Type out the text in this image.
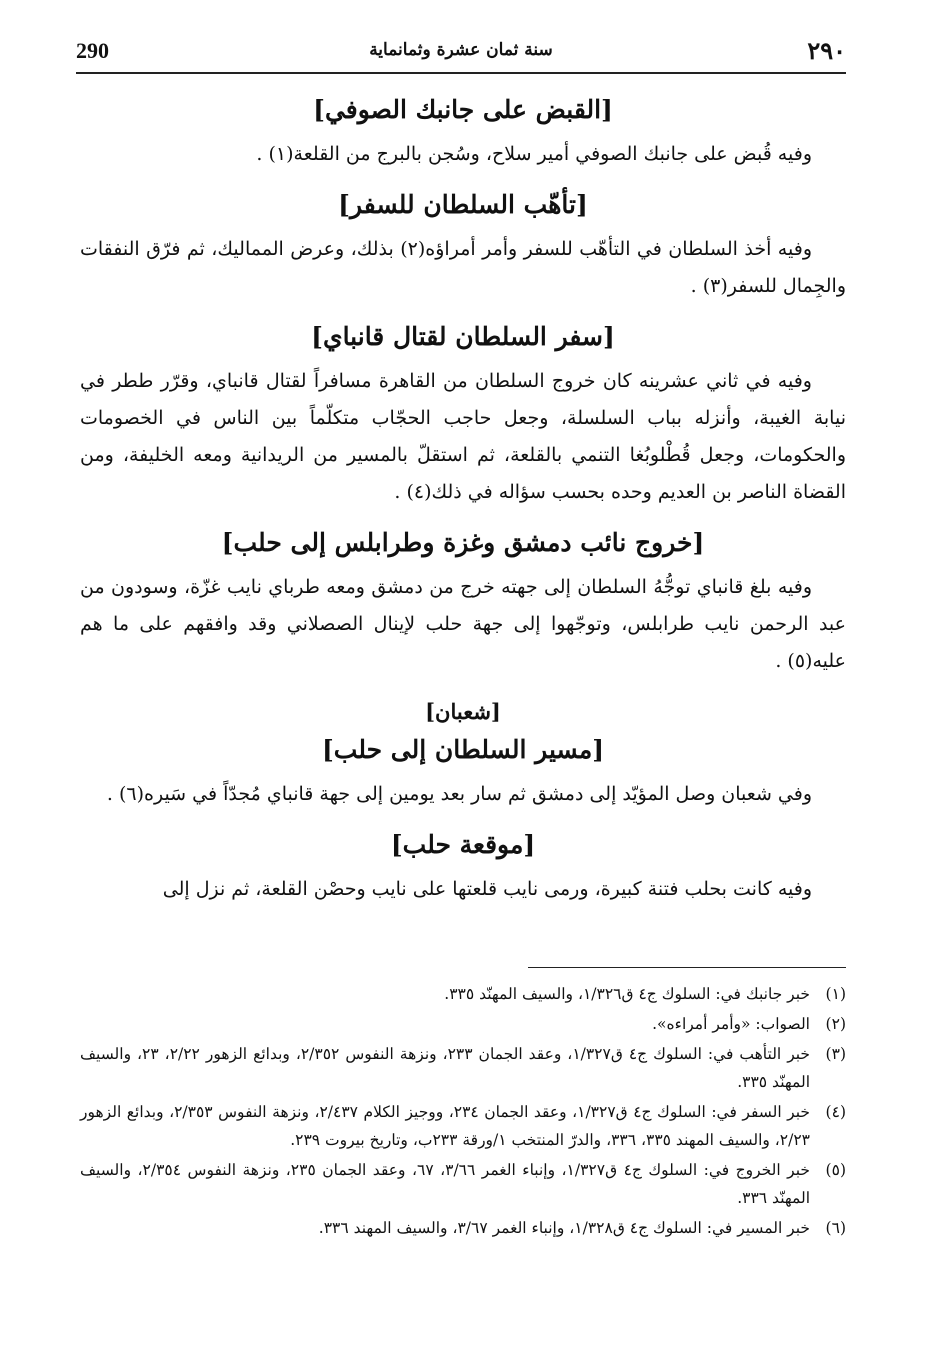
290	سنة ثمان عشرة وثمانماية	٢٩٠
[القبض على جانبك الصوفي]

وفيه قُبض على جانبك الصوفي أمير سلاح، وسُجن بالبرج من القلعة(١) .

[تأهّب السلطان للسفر]

وفيه أخذ السلطان في التأهّب للسفر وأمر أمراؤه(٢) بذلك، وعرض المماليك، ثم فرّق النفقات والجِمال للسفر(٣) .

[سفر السلطان لقتال قانباي]

وفيه في ثاني عشرينه كان خروج السلطان من القاهرة مسافراً لقتال قانباي، وقرّر ططر في نيابة الغيبة، وأنزله بباب السلسلة، وجعل حاجب الحجّاب متكلّماً بين الناس في الخصومات والحكومات، وجعل قُطْلوبُغا التنمي بالقلعة، ثم استقلّ بالمسير من الريدانية ومعه الخليفة، ومن القضاة الناصر بن العديم وحده بحسب سؤاله في ذلك(٤) .

[خروج نائب دمشق وغزة وطرابلس إلى حلب]

وفيه بلغ قانباي توجُّهُ السلطان إلى جهته خرج من دمشق ومعه طرباي نايب غزّة، وسودون من عبد الرحمن نايب طرابلس، وتوجّهوا إلى جهة حلب لإينال الصصلاني وقد وافقهم على ما هم عليه(٥) .

[شعبان]
[مسير السلطان إلى حلب]

وفي شعبان وصل المؤيّد إلى دمشق ثم سار بعد يومين إلى جهة قانباي مُجدّاً في سَيره(٦) .

[موقعة حلب]

وفيه كانت بحلب فتنة كبيرة، ورمى نايب قلعتها على نايب وحصْن القلعة، ثم نزل إلى

(١)
خبر جانبك في: السلوك ج٤ ق١/٣٢٦، والسيف المهنّد ٣٣٥.
(٢)
الصواب: «وأمر أمراءه».
(٣)
خبر التأهب في: السلوك ج٤ ق١/٣٢٧، وعقد الجمان ٢٣٣، ونزهة النفوس ٢/٣٥٢، وبدائع الزهور ٢/٢٢، ٢٣، والسيف المهنّد ٣٣٥.
(٤)
خبر السفر في: السلوك ج٤ ق١/٣٢٧، وعقد الجمان ٢٣٤، ووجيز الكلام ٢/٤٣٧، ونزهة النفوس ٢/٣٥٣، وبدائع الزهور ٢/٢٣، والسيف المهند ٣٣٥، ٣٣٦، والدرّ المنتخب ١/ورقة ٢٣٣ب، وتاريخ بيروت ٢٣٩.
(٥)
خبر الخروج في: السلوك ج٤ ق١/٣٢٧، وإنباء الغمر ٣/٦٦، ٦٧، وعقد الجمان ٢٣٥، ونزهة النفوس ٢/٣٥٤، والسيف المهنّد ٣٣٦.
(٦)
خبر المسير في: السلوك ج٤ ق١/٣٢٨، وإنباء الغمر ٣/٦٧، والسيف المهند ٣٣٦.
